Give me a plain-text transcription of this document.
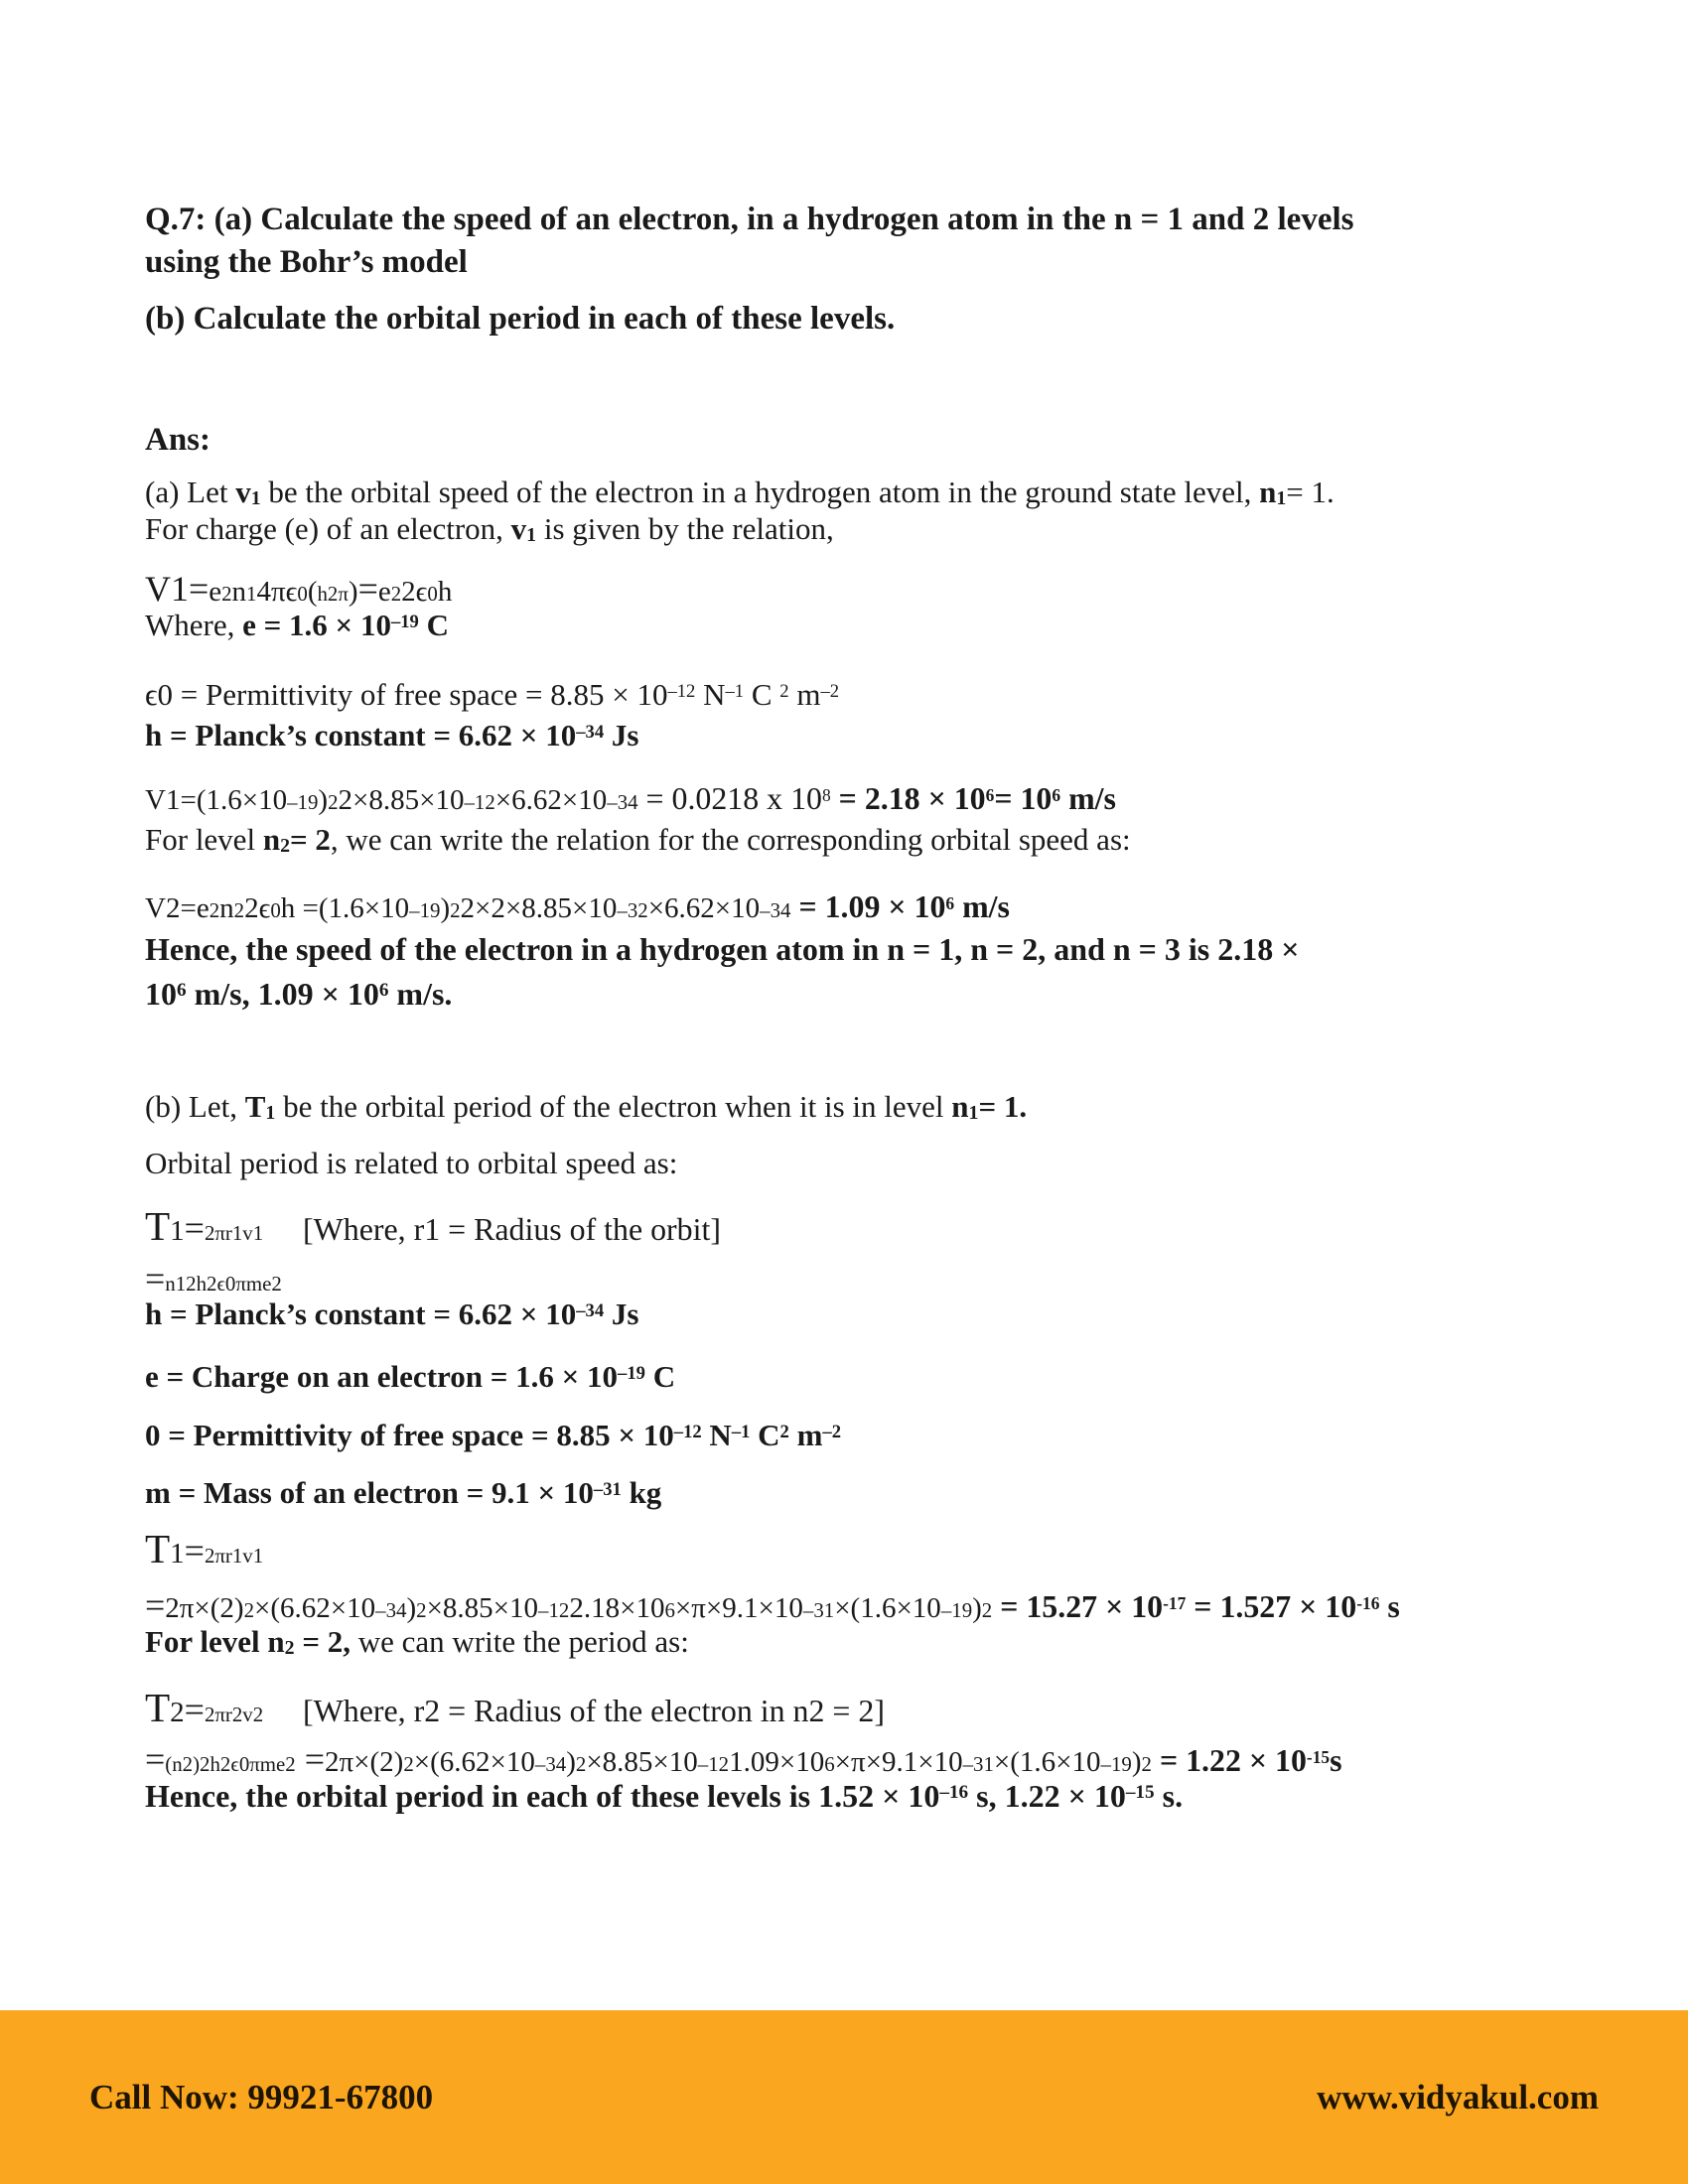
Q.7: (a) Calculate the speed of an electron, in a hydrogen atom in the n = 1 and 2 levels
using the Bohr’s model
(b) Calculate the orbital period in each of these levels.
Ans:
(a) Let v1 be the orbital speed of the electron in a hydrogen atom in the ground state level, n1= 1.
For charge (e) of an electron, v1 is given by the relation,
V1=e2n14πϵ0(h2π)=e22ϵ0h
Where, $e = 1.6 \times 10^{-19}$ C
ϵ0 = Permittivity of free space = $8.85 \times 10^{-12}$ $N^{-1}$ C $^2$ $m^{-2}$
h = Planck’s constant = $6.62 \times 10^{-34}$ Js
V1=(1.6×10–19)22×8.85×10–12×6.62×10–34 = 0.0218 x $10^8 = 2.18 \times 10^6= 10^6$ m/s
For level n2= 2, we can write the relation for the corresponding orbital speed as:
$V2=e2n22\epsilon 0h =(1.6\times 10-19)22\times 2\times 8.85\times 10-32\times 6.62\times 10-34 = 1.09 \times 10^6$ m/s
Hence, the speed of the electron in a hydrogen atom in n = 1, n = 2, and n = 3 is 2.18 ×
$10^6$ m/s, $1.09 \times 10^6$ m/s.
(b) Let, T1 be the orbital period of the electron when it is in level n1= 1.
Orbital period is related to orbital speed as:
T1=2πr1v1  [Where, r1 = Radius of the orbit]
=n12h2ϵ0πme2
h = Planck’s constant = $6.62 \times 10^{-34}$ Js
e = Charge on an electron = $1.6 \times 10^{-19}$ C
0 = Permittivity of free space = $8.85 \times 10^{-12}$ $N^{-1}$ $C^2$ $m^{-2}$
m = Mass of an electron = $9.1 \times 10^{-31}$ kg
T1=2πr1v1
$=2\pi\times(2)2\times(6.62\times 10-34)2\times 8.85\times 10-122.18\times 106\times\pi\times 9.1\times 10-31\times(1.6\times 10-19)2 = 15.27 \times 10^{-17} = 1.527 \times 10^{-16}$ s
For level n2 = 2, we can write the period as:
T2=2πr2v2  [Where, r2 = Radius of the electron in n2 = 2]
$=(n2)2h2\epsilon 0\pi me2 =2\pi\times(2)2\times(6.62\times 10-34)2\times 8.85\times 10-121.09\times 106\times\pi\times 9.1\times 10-31\times(1.6\times 10-19)2 = 1.22 \times 10^{-15}s$
Hence, the orbital period in each of these levels is $1.52 \times 10^{-16}$ s, $1.22 \times 10^{-15}$ s.
Call Now: 99921-67800	www.vidyakul.com
